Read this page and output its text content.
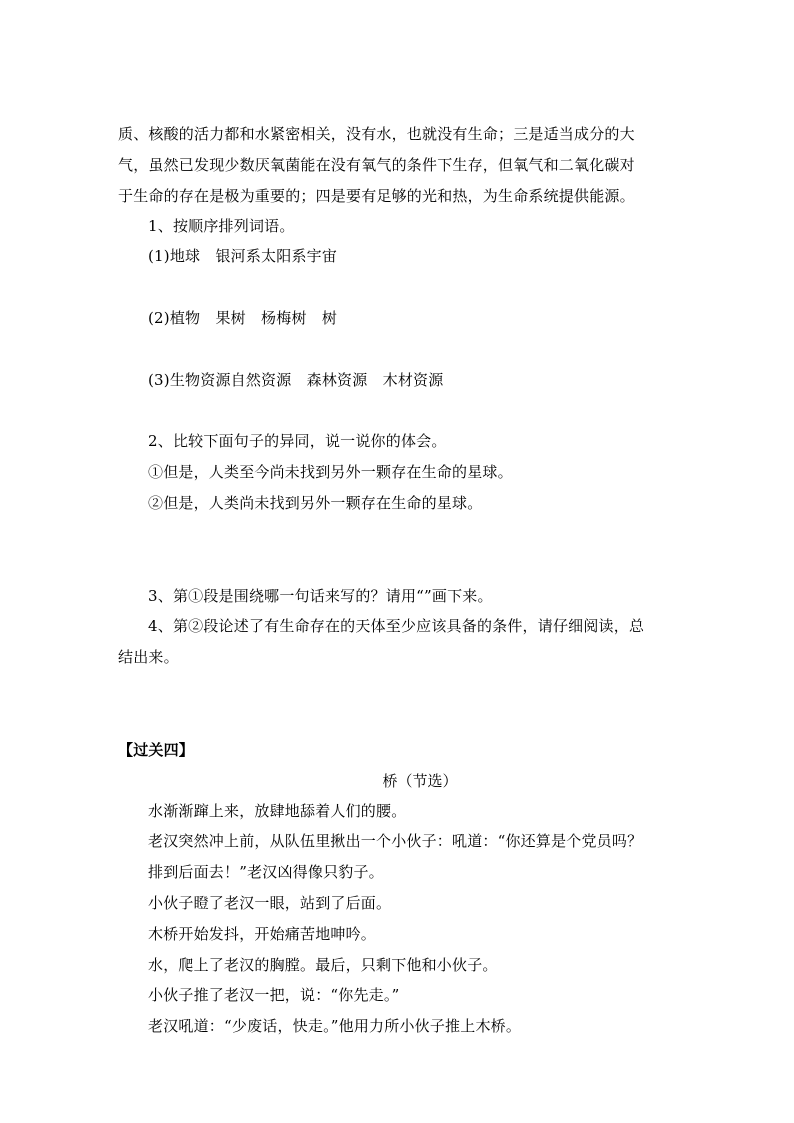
质、核酸的活力都和水紧密相关，没有水，也就没有生命；三是适当成分的大
气，虽然已发现少数厌氧菌能在没有氧气的条件下生存，但氧气和二氧化碳对
于生命的存在是极为重要的；四是要有足够的光和热，为生命系统提供能源。
1、按顺序排列词语。
(1)地球　银河系太阳系宇宙
(2)植物　果树　杨梅树　树
(3)生物资源自然资源　森林资源　木材资源
2、比较下面句子的异同，说一说你的体会。
①但是，人类至今尚未找到另外一颗存在生命的星球。
②但是，人类尚未找到另外一颗存在生命的星球。
3、第①段是围绕哪一句话来写的？请用“”画下来。
4、第②段论述了有生命存在的天体至少应该具备的条件，请仔细阅读，总
结出来。
【过关四】
桥（节选）
水渐渐蹿上来，放肆地舔着人们的腰。
老汉突然冲上前，从队伍里揪出一个小伙子：吼道：“你还算是个党员吗？
排到后面去！”老汉凶得像只豹子。
小伙子瞪了老汉一眼，站到了后面。
木桥开始发抖，开始痛苦地呻吟。
水，爬上了老汉的胸膛。最后，只剩下他和小伙子。
小伙子推了老汉一把，说：“你先走。”
老汉吼道：“少废话，快走。”他用力所小伙子推上木桥。
